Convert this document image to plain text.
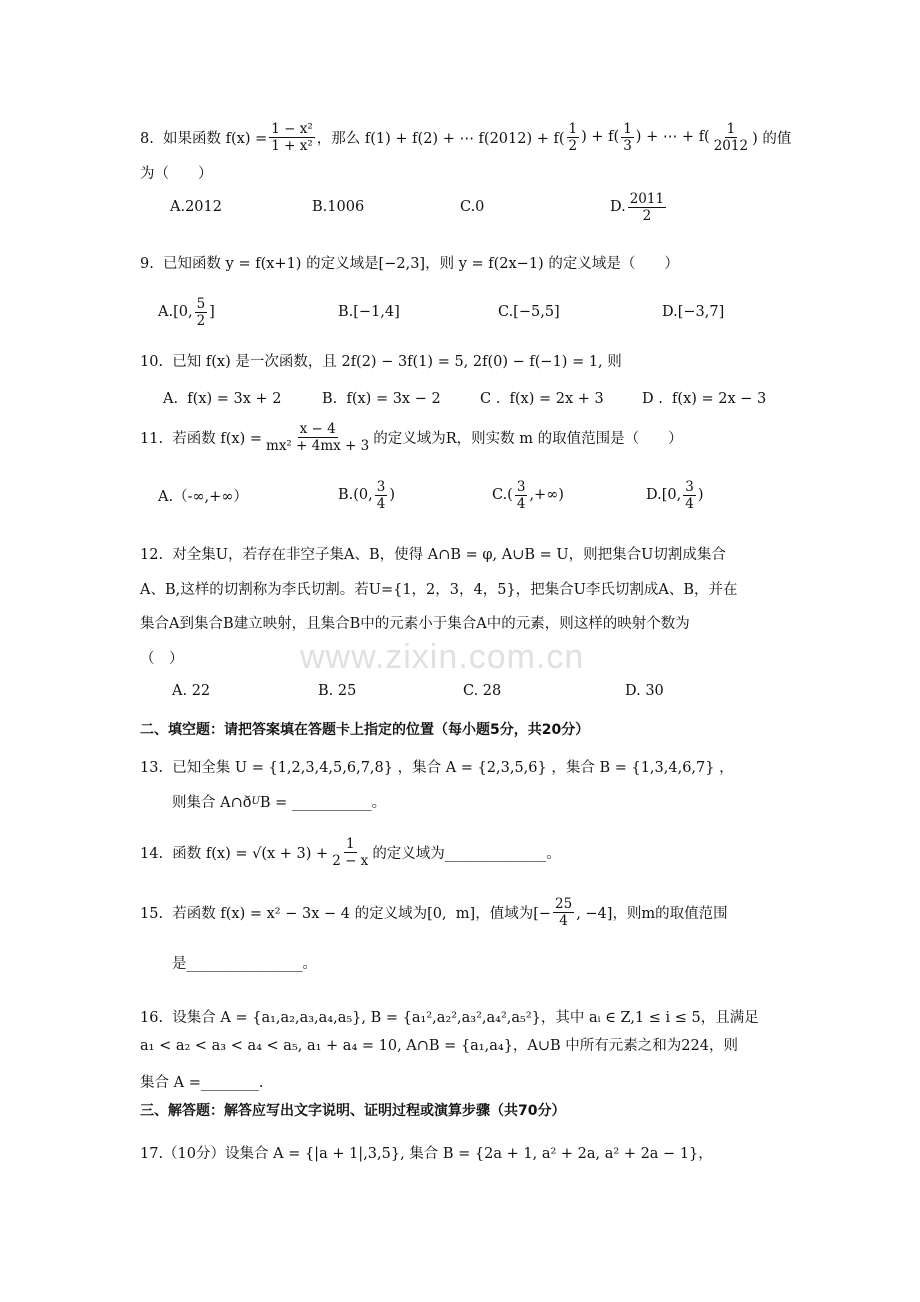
www.zixin.com.cn
8.  如果函数 $f(x) = \frac{\text{1 − x²}}{\text{1 + x²}}$ ，那么 f(1) + f(2) + ⋯ $f(2012) + f( \frac{1}{2}$ ) + $f( \frac{1}{3}$ ) + ⋯ + $f( \frac{1}{2012}$ ) 的值
为（　　）
A.2012	B.1006	C.0	D. $\frac{2011}{2}$
9.  已知函数 y = f(x+1) 的定义域是[−2,3]，则 y = f(2x−1) 的定义域是（　　）
A.[0, $\frac{5}{2}$ ]	B.[−1,4]	C.[−5,5]	D.[−3,7]
10.  已知 f(x) 是一次函数，且 2f(2) − 3f(1) = 5, 2f(0) − f(−1) = 1, 则
A.  f(x) = 3x + 2	B.  f(x) = 3x − 2	C .  f(x) = 2x + 3	D .  f(x) = 2x − 3
11.  若函数 $f(x) = \frac{x - 4}{\text{mx² + 4mx + 3}}$ 的定义域为R，则实数 m 的取值范围是（　　）
A.（-∞,+∞）	B.(0, $\frac{3}{4}$ )	$C.( \frac{3}{4}$ ,+∞)	D.[0, $\frac{3}{4}$ )
12.  对全集U，若存在非空子集A、B，使得 A∩B = φ, A∪B = U，则把集合U切割成集合
A、B,这样的切割称为李氏切割。若U={1，2，3，4，5}，把集合U李氏切割成A、B，并在
集合A到集合B建立映射，且集合B中的元素小于集合A中的元素，则这样的映射个数为
（　）
A. 22	B. 25	C. 28	D. 30
二、填空题：请把答案填在答题卡上指定的位置（每小题5分，共20分）
13.  已知全集 U = {1,2,3,4,5,6,7,8} ，集合 A = {2,3,5,6} ，集合 B = {1,3,4,6,7} ，
则集合 A∩ð U B = ___________。
14.  函数 $f(x) = √(x + 3) + \frac{1}{2 - x}$ 的定义域为______________。
15.  若函数 f(x) = x² − 3x − 4 的定义域为[0,  m]，值域为[− $\frac{25}{4}$ , −4]，则m的取值范围
是________________。
16.  设集合 A = {a₁,a₂,a₃,a₄,a₅}, B = {a₁²,a₂²,a₃²,a₄²,a₅²}，其中 aᵢ ∈ Z,1 ≤ i ≤ 5，且满足
a₁ < a₂ < a₃ < a₄ < a₅, a₁ + a₄ = 10, A∩B = {a₁,a₄}，A∪B 中所有元素之和为224，则
集合 A =________.
三、解答题：解答应写出文字说明、证明过程或演算步骤（共70分）
17.（10分）设集合 A = {|a + 1|,3,5}, 集合 B = {2a + 1, a² + 2a, a² + 2a − 1}，
